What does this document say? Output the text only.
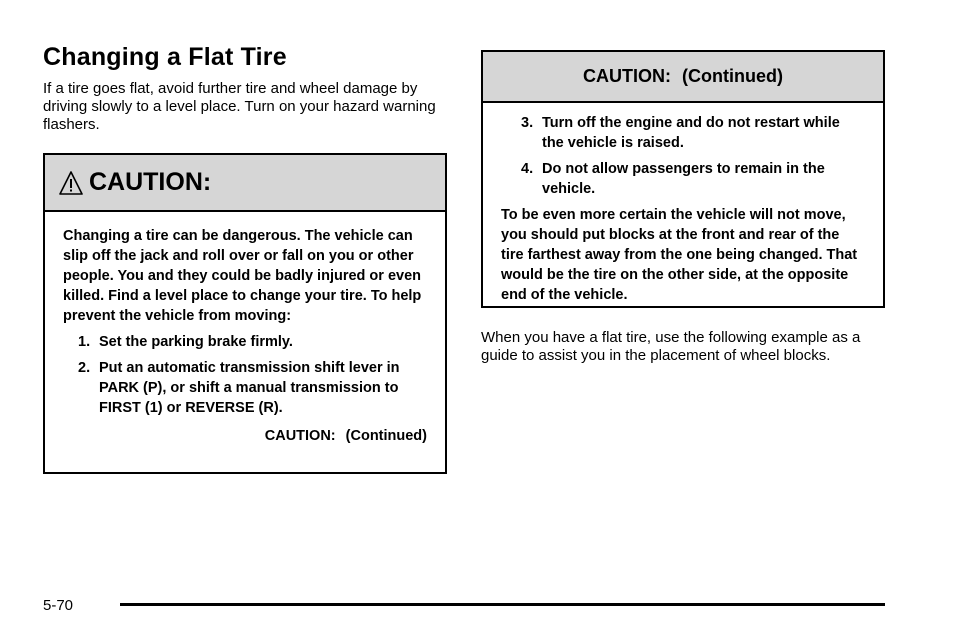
Changing a Flat Tire

If a tire goes flat, avoid further tire and wheel damage by driving slowly to a level place. Turn on your hazard warning flashers.

CAUTION:
Changing a tire can be dangerous. The vehicle can slip off the jack and roll over or fall on you or other people. You and they could be badly injured or even killed. Find a level place to change your tire. To help prevent the vehicle from moving:
1. Set the parking brake firmly.
2. Put an automatic transmission shift lever in PARK (P), or shift a manual transmission to FIRST (1) or REVERSE (R).
CAUTION: (Continued)
CAUTION: (Continued)
3. Turn off the engine and do not restart while the vehicle is raised.
4. Do not allow passengers to remain in the vehicle.
To be even more certain the vehicle will not move, you should put blocks at the front and rear of the tire farthest away from the one being changed. That would be the tire on the other side, at the opposite end of the vehicle.

When you have a flat tire, use the following example as a guide to assist you in the placement of wheel blocks.

5-70
